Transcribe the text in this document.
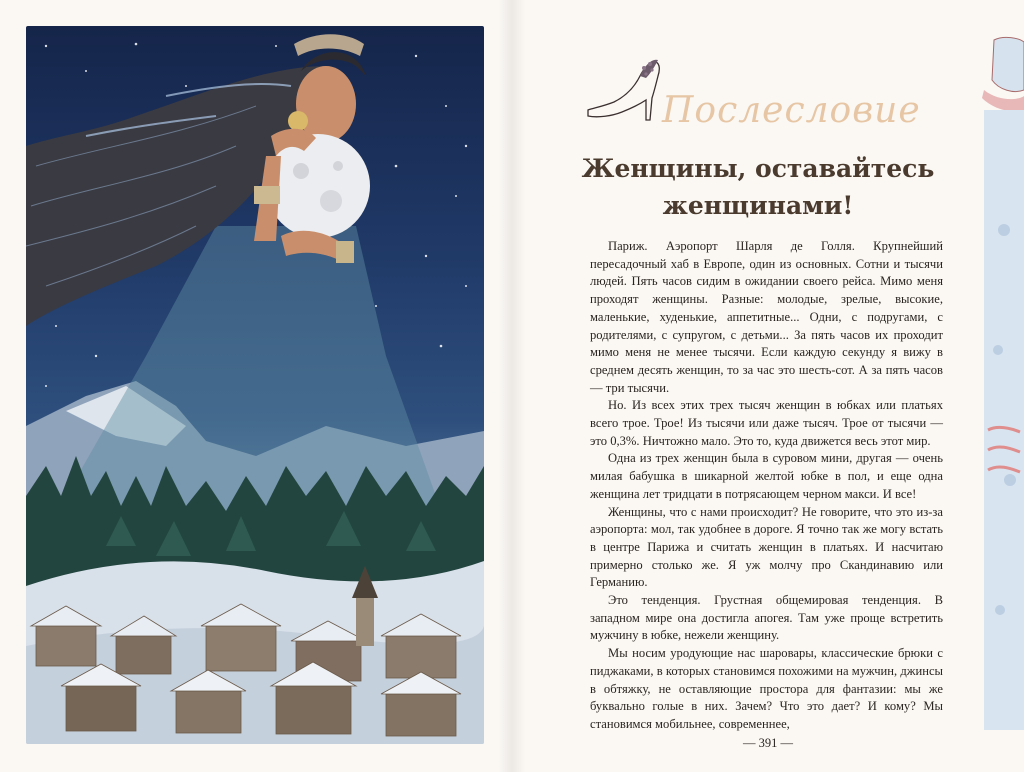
Послесловие
Женщины, оставайтесь
женщинами!

Париж. Аэропорт Шарля де Голля. Крупнейший пересадочный хаб в Европе, один из основных. Сотни и тысячи людей. Пять часов сидим в ожидании своего рейса. Мимо меня проходят женщины. Разные: молодые, зрелые, высокие, маленькие, худенькие, аппетитные... Одни, с подругами, с родителями, с супругом, с детьми... За пять часов их проходит мимо меня не менее тысячи. Если каждую секунду я вижу в среднем десять женщин, то за час это шесть-сот. А за пять часов — три тысячи.

Но. Из всех этих трех тысяч женщин в юбках или платьях всего трое. Трое! Из тысячи или даже тысяч. Трое от тысячи — это 0,3%. Ничтожно мало. Это то, куда движется весь этот мир.

Одна из трех женщин была в суровом мини, другая — очень милая бабушка в шикарной желтой юбке в пол, и еще одна женщина лет тридцати в потрясающем черном макси. И все!

Женщины, что с нами происходит? Не говорите, что это из-за аэропорта: мол, так удобнее в дороге. Я точно так же могу встать в центре Парижа и считать женщин в платьях. И насчитаю примерно столько же. Я уж молчу про Скандинавию или Германию.

Это тенденция. Грустная общемировая тенденция. В западном мире она достигла апогея. Там уже проще встретить мужчину в юбке, нежели женщину.

Мы носим уродующие нас шаровары, классические брюки с пиджаками, в которых становимся похожими на мужчин, джинсы в обтяжку, не оставляющие простора для фантазии: мы же буквально голые в них. Зачем? Что это дает? И кому? Мы становимся мобильнее, современнее,

— 391 —
